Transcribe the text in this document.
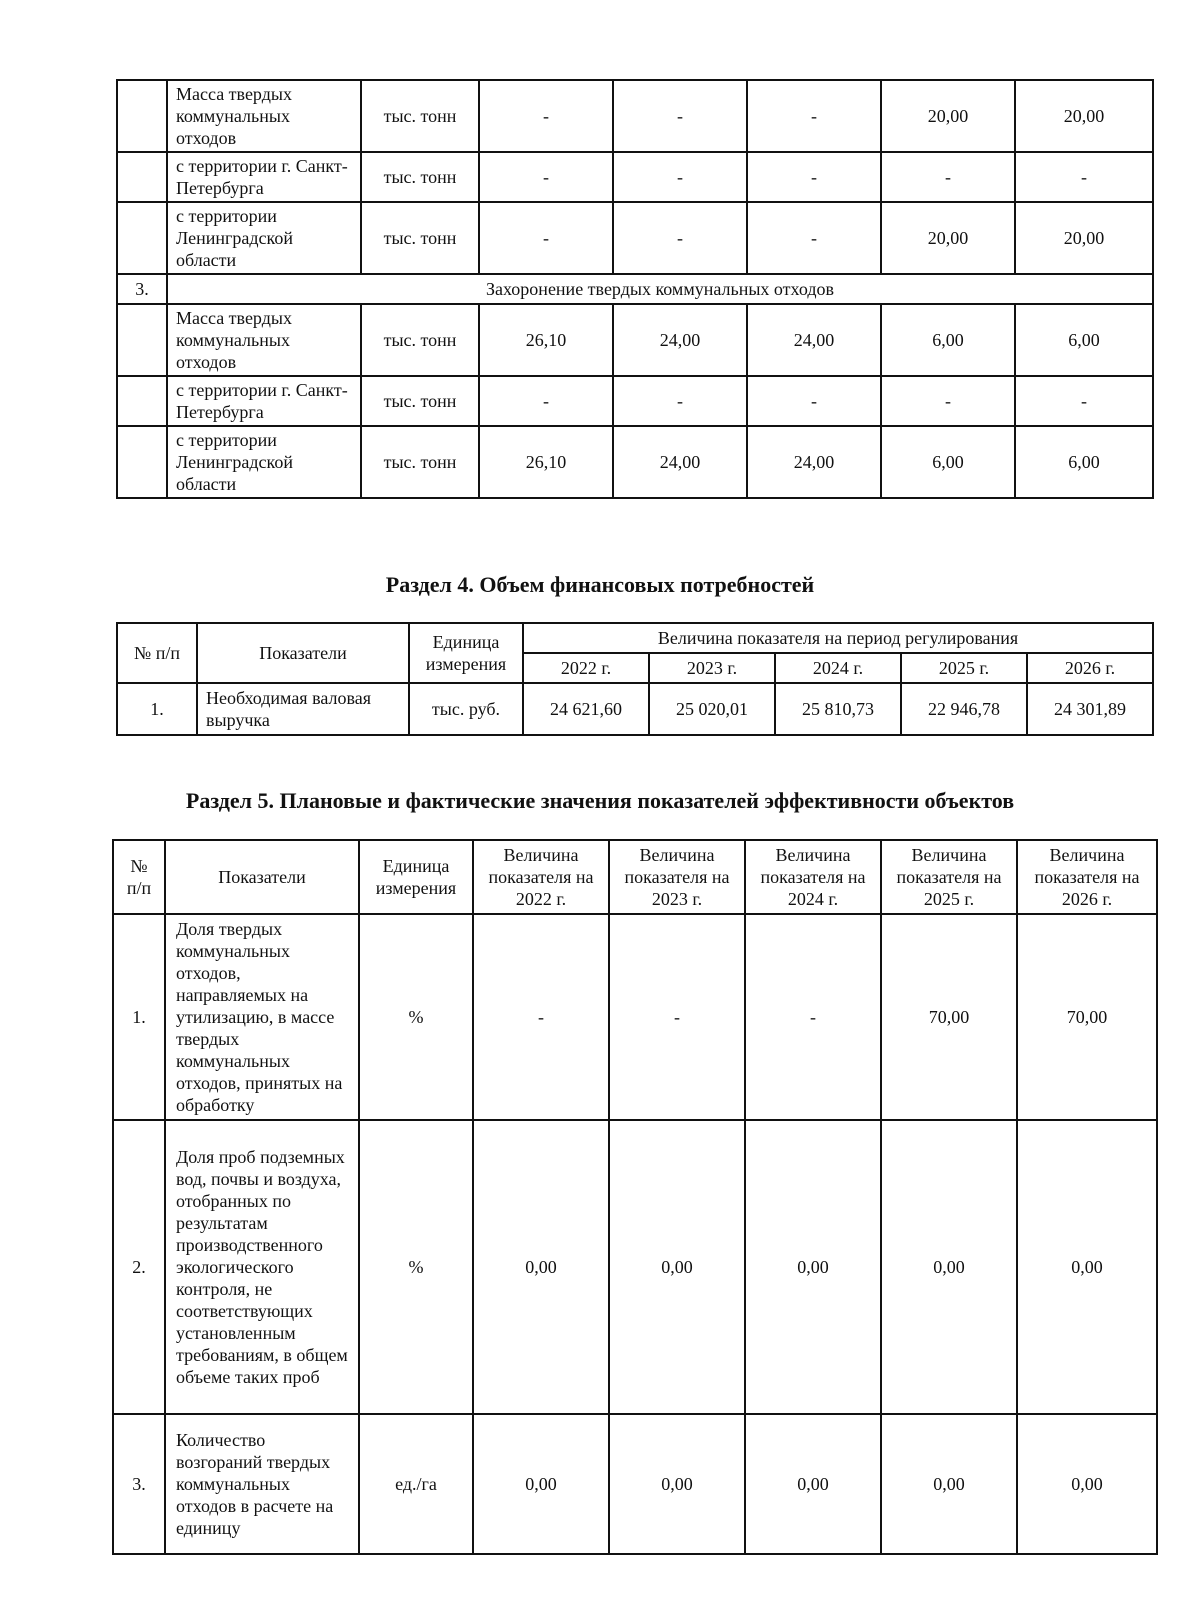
	Масса твердых коммунальных отходов	тыс. тонн	-	-	-	20,00	20,00
	с территории г. Санкт-Петербурга	тыс. тонн	-	-	-	-	-
	с территории Ленинградской области	тыс. тонн	-	-	-	20,00	20,00
3.	Захоронение твердых коммунальных отходов						
	Масса твердых коммунальных отходов	тыс. тонн	26,10	24,00	24,00	6,00	6,00
	с территории г. Санкт-Петербурга	тыс. тонн	-	-	-	-	-
	с территории Ленинградской области	тыс. тонн	26,10	24,00	24,00	6,00	6,00
Раздел 4. Объем финансовых потребностей
№ п/п	Показатели	Единица измерения	Величина показателя на период регулирования				
			2022 г.	2023 г.	2024 г.	2025 г.	2026 г.
1.	Необходимая валовая выручка	тыс. руб.	24 621,60	25 020,01	25 810,73	22 946,78	24 301,89
Раздел 5. Плановые и фактические значения показателей эффективности объектов
№ п/п	Показатели	Единица измерения	Величина показателя на 2022 г.	Величина показателя на 2023 г.	Величина показателя на 2024 г.	Величина показателя на 2025 г.	Величина показателя на 2026 г.
1.	Доля твердых коммунальных отходов, направляемых на утилизацию, в массе твердых коммунальных отходов, принятых на обработку	%	-	-	-	70,00	70,00
2.	Доля проб подземных вод, почвы и воздуха, отобранных по результатам производственного экологического контроля, не соответствующих установленным требованиям, в общем объеме таких проб	%	0,00	0,00	0,00	0,00	0,00
3.	Количество возгораний твердых коммунальных отходов в расчете на единицу	ед./га	0,00	0,00	0,00	0,00	0,00
